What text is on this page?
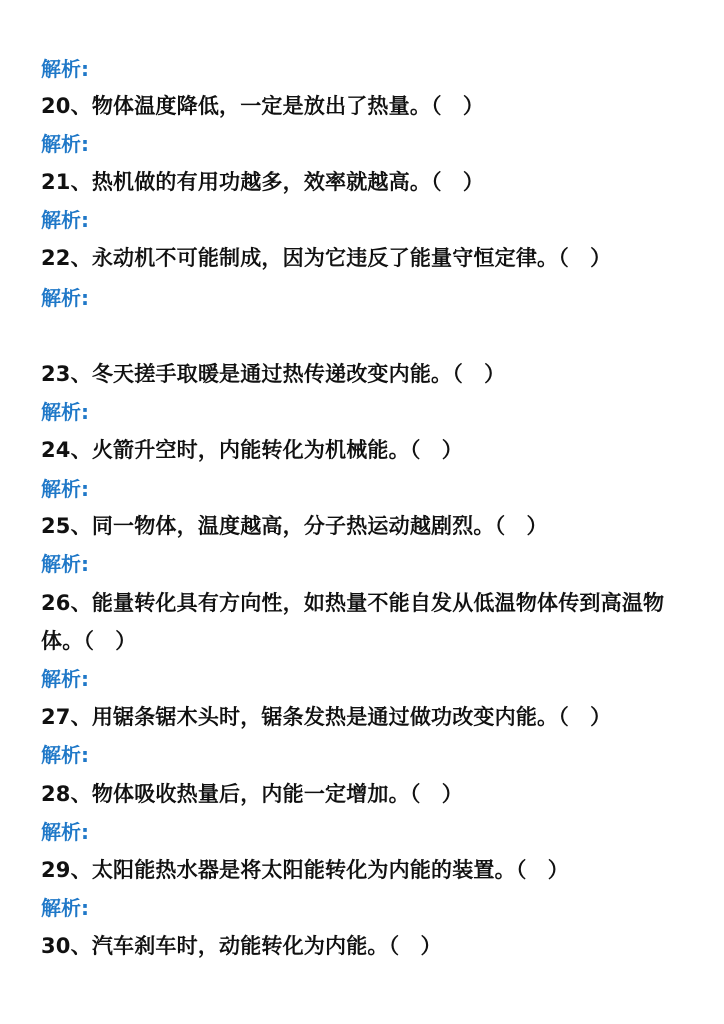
解析:
20、物体温度降低，一定是放出了热量。（　）
解析:
21、热机做的有用功越多，效率就越高。（　）
解析:
22、永动机不可能制成，因为它违反了能量守恒定律。（　）
解析:
23、冬天搓手取暖是通过热传递改变内能。（　）
解析:
24、火箭升空时，内能转化为机械能。（　）
解析:
25、同一物体，温度越高，分子热运动越剧烈。（　）
解析:
26、能量转化具有方向性，如热量不能自发从低温物体传到高温物
体。（　）
解析:
27、用锯条锯木头时，锯条发热是通过做功改变内能。（　）
解析:
28、物体吸收热量后，内能一定增加。（　）
解析:
29、太阳能热水器是将太阳能转化为内能的装置。（　）
解析:
30、汽车刹车时，动能转化为内能。（　）
